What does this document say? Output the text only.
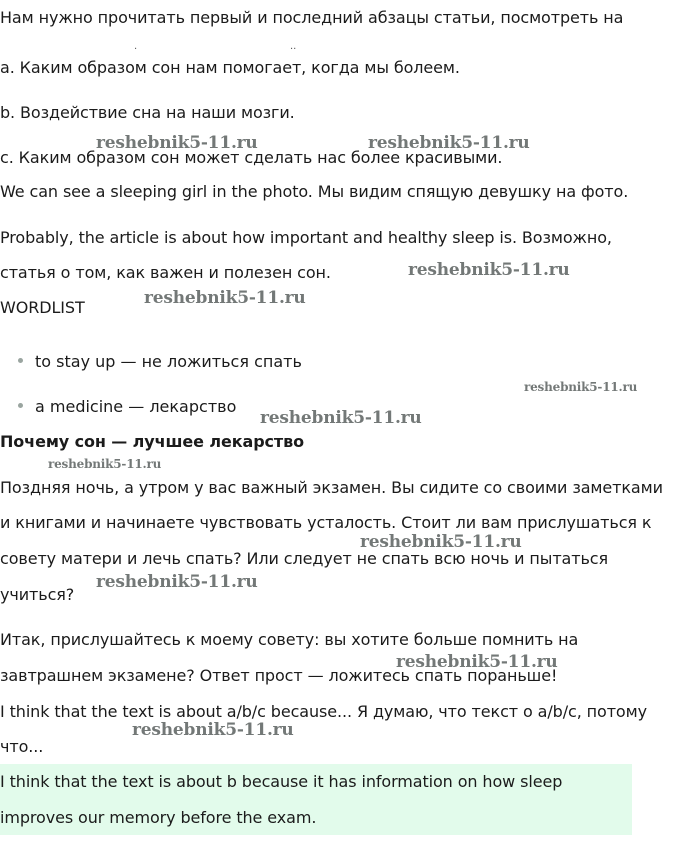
Нам нужно прочитать первый и последний абзацы статьи, посмотреть на

.	..

a. Каким образом сон нам помогает, когда мы болеем.

b. Воздействие сна на наши мозги.

c. Каким образом сон может сделать нас более красивыми.

We can see a sleeping girl in the photo. Мы видим спящую девушку на фото.

Probably, the article is about how important and healthy sleep is. Возможно,

статья о том, как важен и полезен сон.

WORDLIST

to stay up — не ложиться спать
a medicine — лекарство

Почему сон — лучшее лекарство

Поздняя ночь, а утром у вас важный экзамен. Вы сидите со своими заметками

и книгами и начинаете чувствовать усталость. Стоит ли вам прислушаться к

совету матери и лечь спать? Или следует не спать всю ночь и пытаться

учиться?

Итак, прислушайтесь к моему совету: вы хотите больше помнить на

завтрашнем экзамене? Ответ прост — ложитесь спать пораньше!

I think that the text is about a/b/c because... Я думаю, что текст о a/b/c, потому

что...

I think that the text is about b because it has information on how sleep

improves our memory before the exam.

reshebnik5-11.ru	reshebnik5-11.ru
reshebnik5-11.ru
reshebnik5-11.ru
reshebnik5-11.ru
reshebnik5-11.ru
reshebnik5-11.ru
reshebnik5-11.ru
reshebnik5-11.ru
reshebnik5-11.ru
reshebnik5-11.ru
